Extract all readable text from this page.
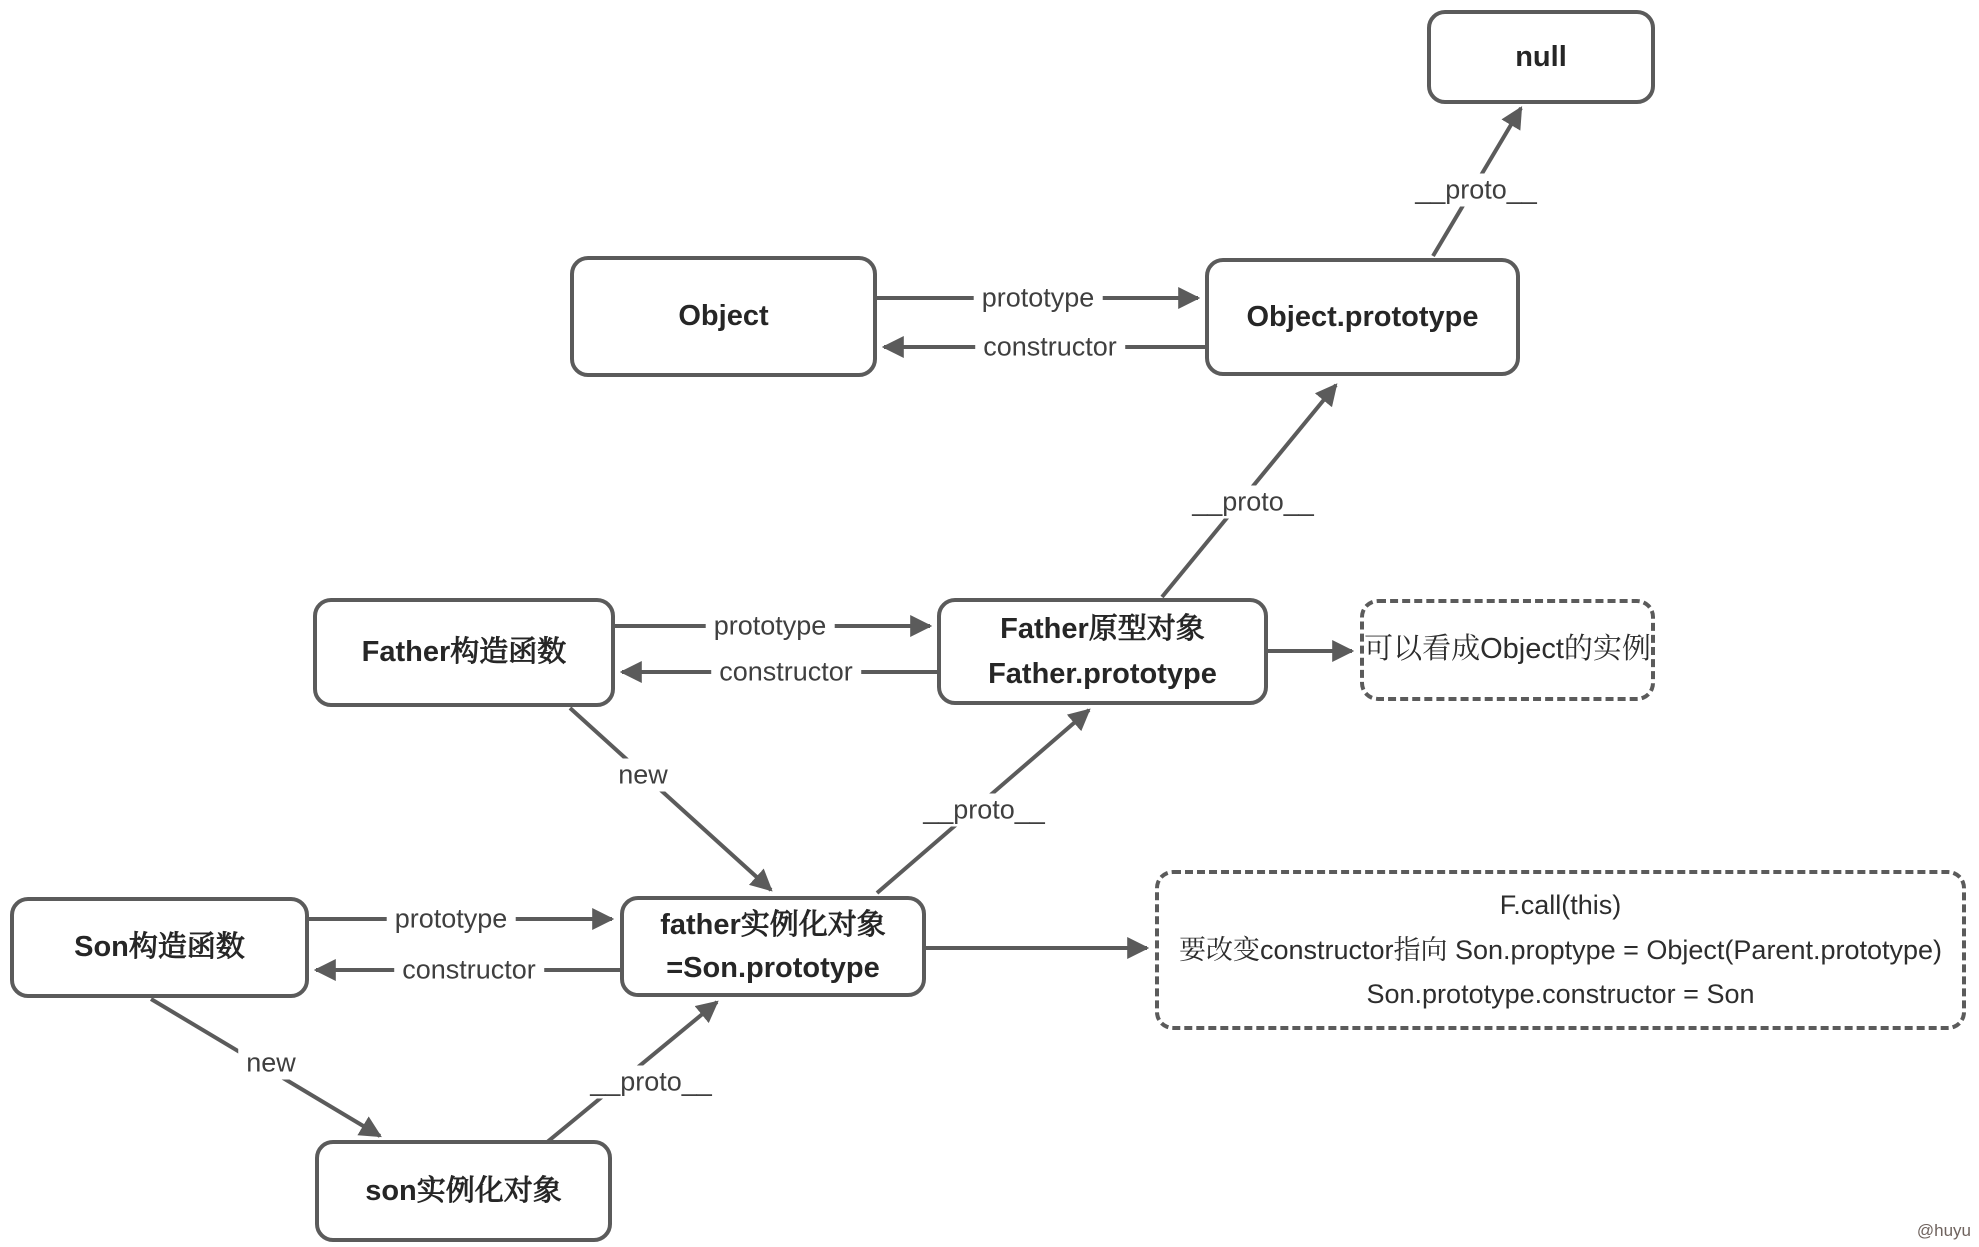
null
Object	Object.prototype
Father构造函数
Father原型对象
Father.prototype
Son构造函数
father实例化对象
=Son.prototype
son实例化对象
可以看成Object的实例
F.call(this)
要改变constructor指向 Son.proptype = Object(Parent.prototype)
Son.prototype.constructor = Son
prototype
constructor
__proto__
__proto__
prototype
constructor
new
__proto__
prototype
constructor
new
__proto__
@huyu
